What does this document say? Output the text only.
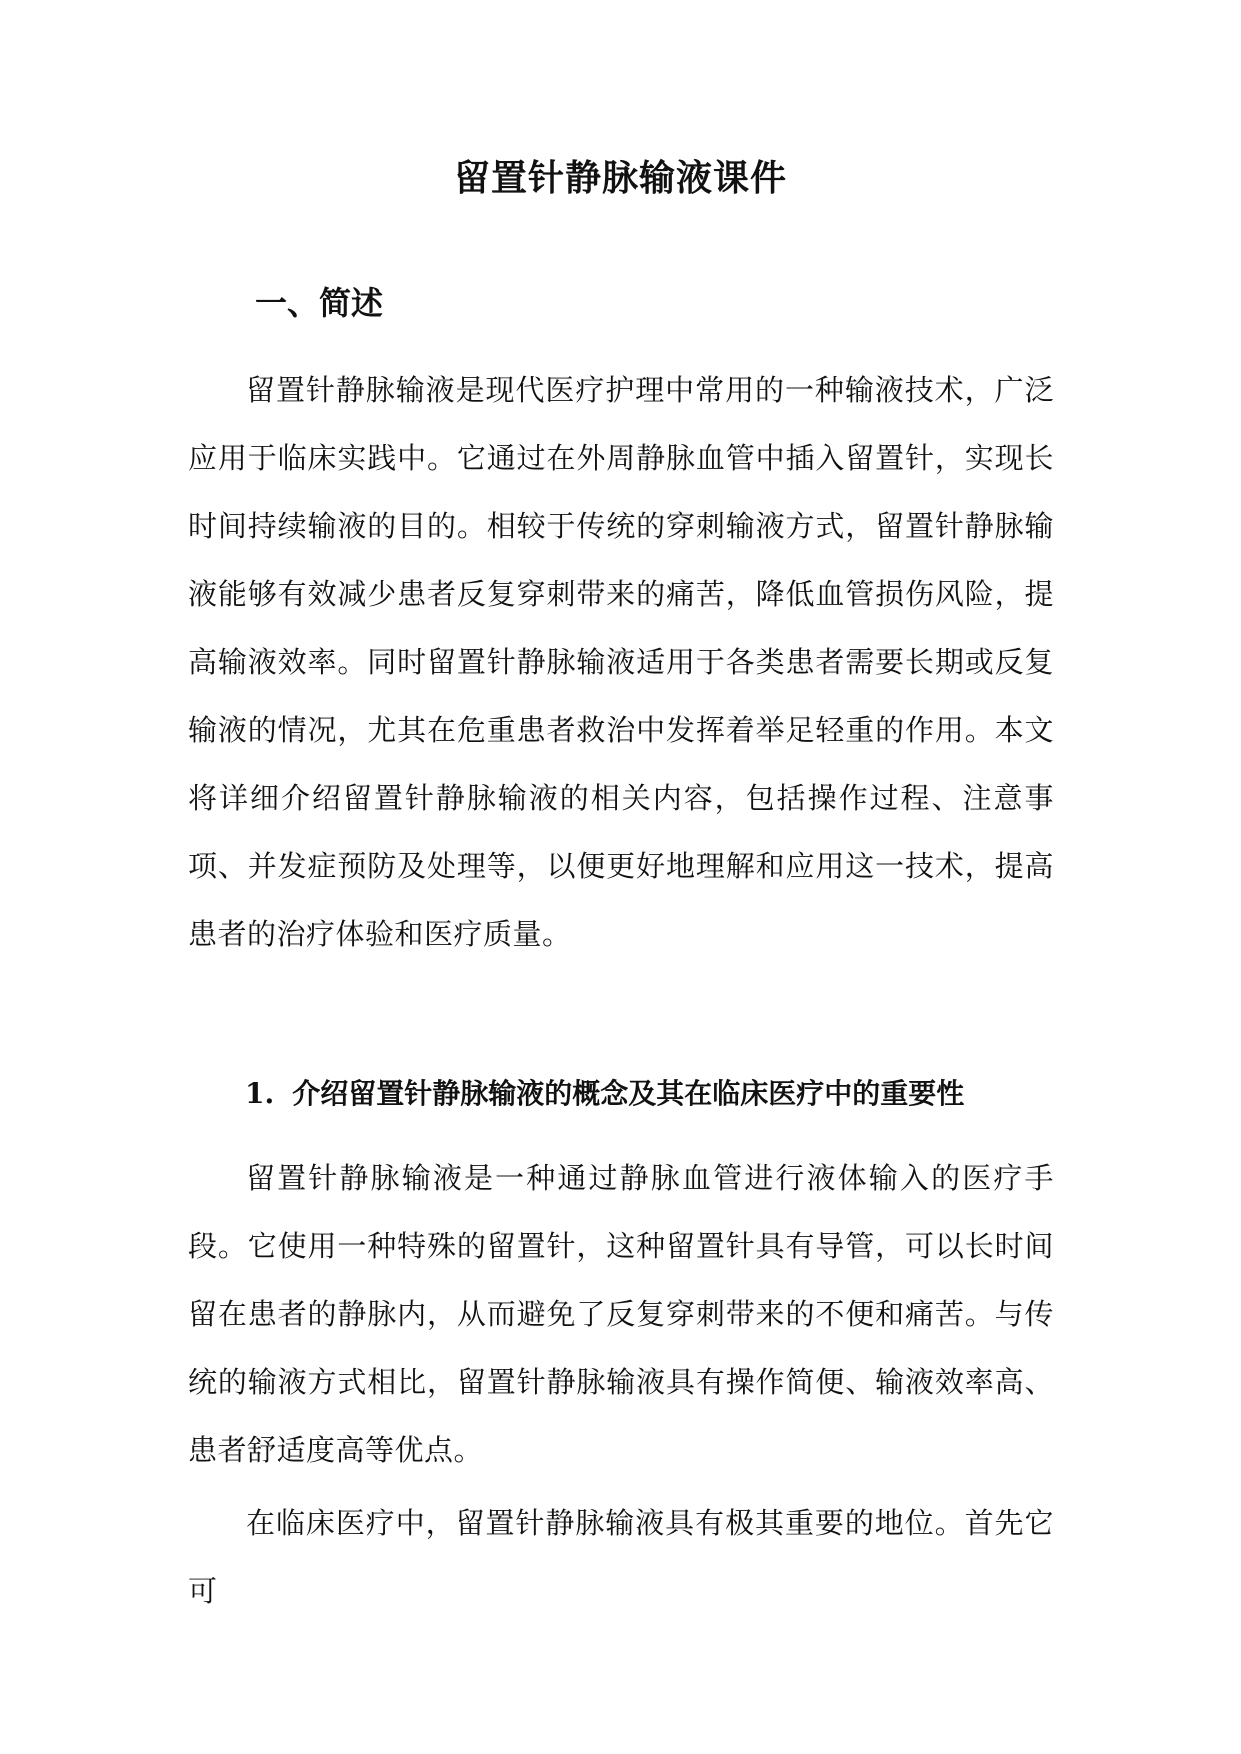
留置针静脉输液课件
一、简述

留置针静脉输液是现代医疗护理中常用的一种输液技术，广泛应用于临床实践中。它通过在外周静脉血管中插入留置针，实现长时间持续输液的目的。相较于传统的穿刺输液方式，留置针静脉输液能够有效减少患者反复穿刺带来的痛苦，降低血管损伤风险，提高输液效率。同时留置针静脉输液适用于各类患者需要长期或反复输液的情况，尤其在危重患者救治中发挥着举足轻重的作用。本文将详细介绍留置针静脉输液的相关内容，包括操作过程、注意事项、并发症预防及处理等，以便更好地理解和应用这一技术，提高患者的治疗体验和医疗质量。

1. 介绍留置针静脉输液的概念及其在临床医疗中的重要性

留置针静脉输液是一种通过静脉血管进行液体输入的医疗手段。它使用一种特殊的留置针，这种留置针具有导管，可以长时间留在患者的静脉内，从而避免了反复穿刺带来的不便和痛苦。与传统的输液方式相比，留置针静脉输液具有操作简便、输液效率高、患者舒适度高等优点。

在临床医疗中，留置针静脉输液具有极其重要的地位。首先它可
